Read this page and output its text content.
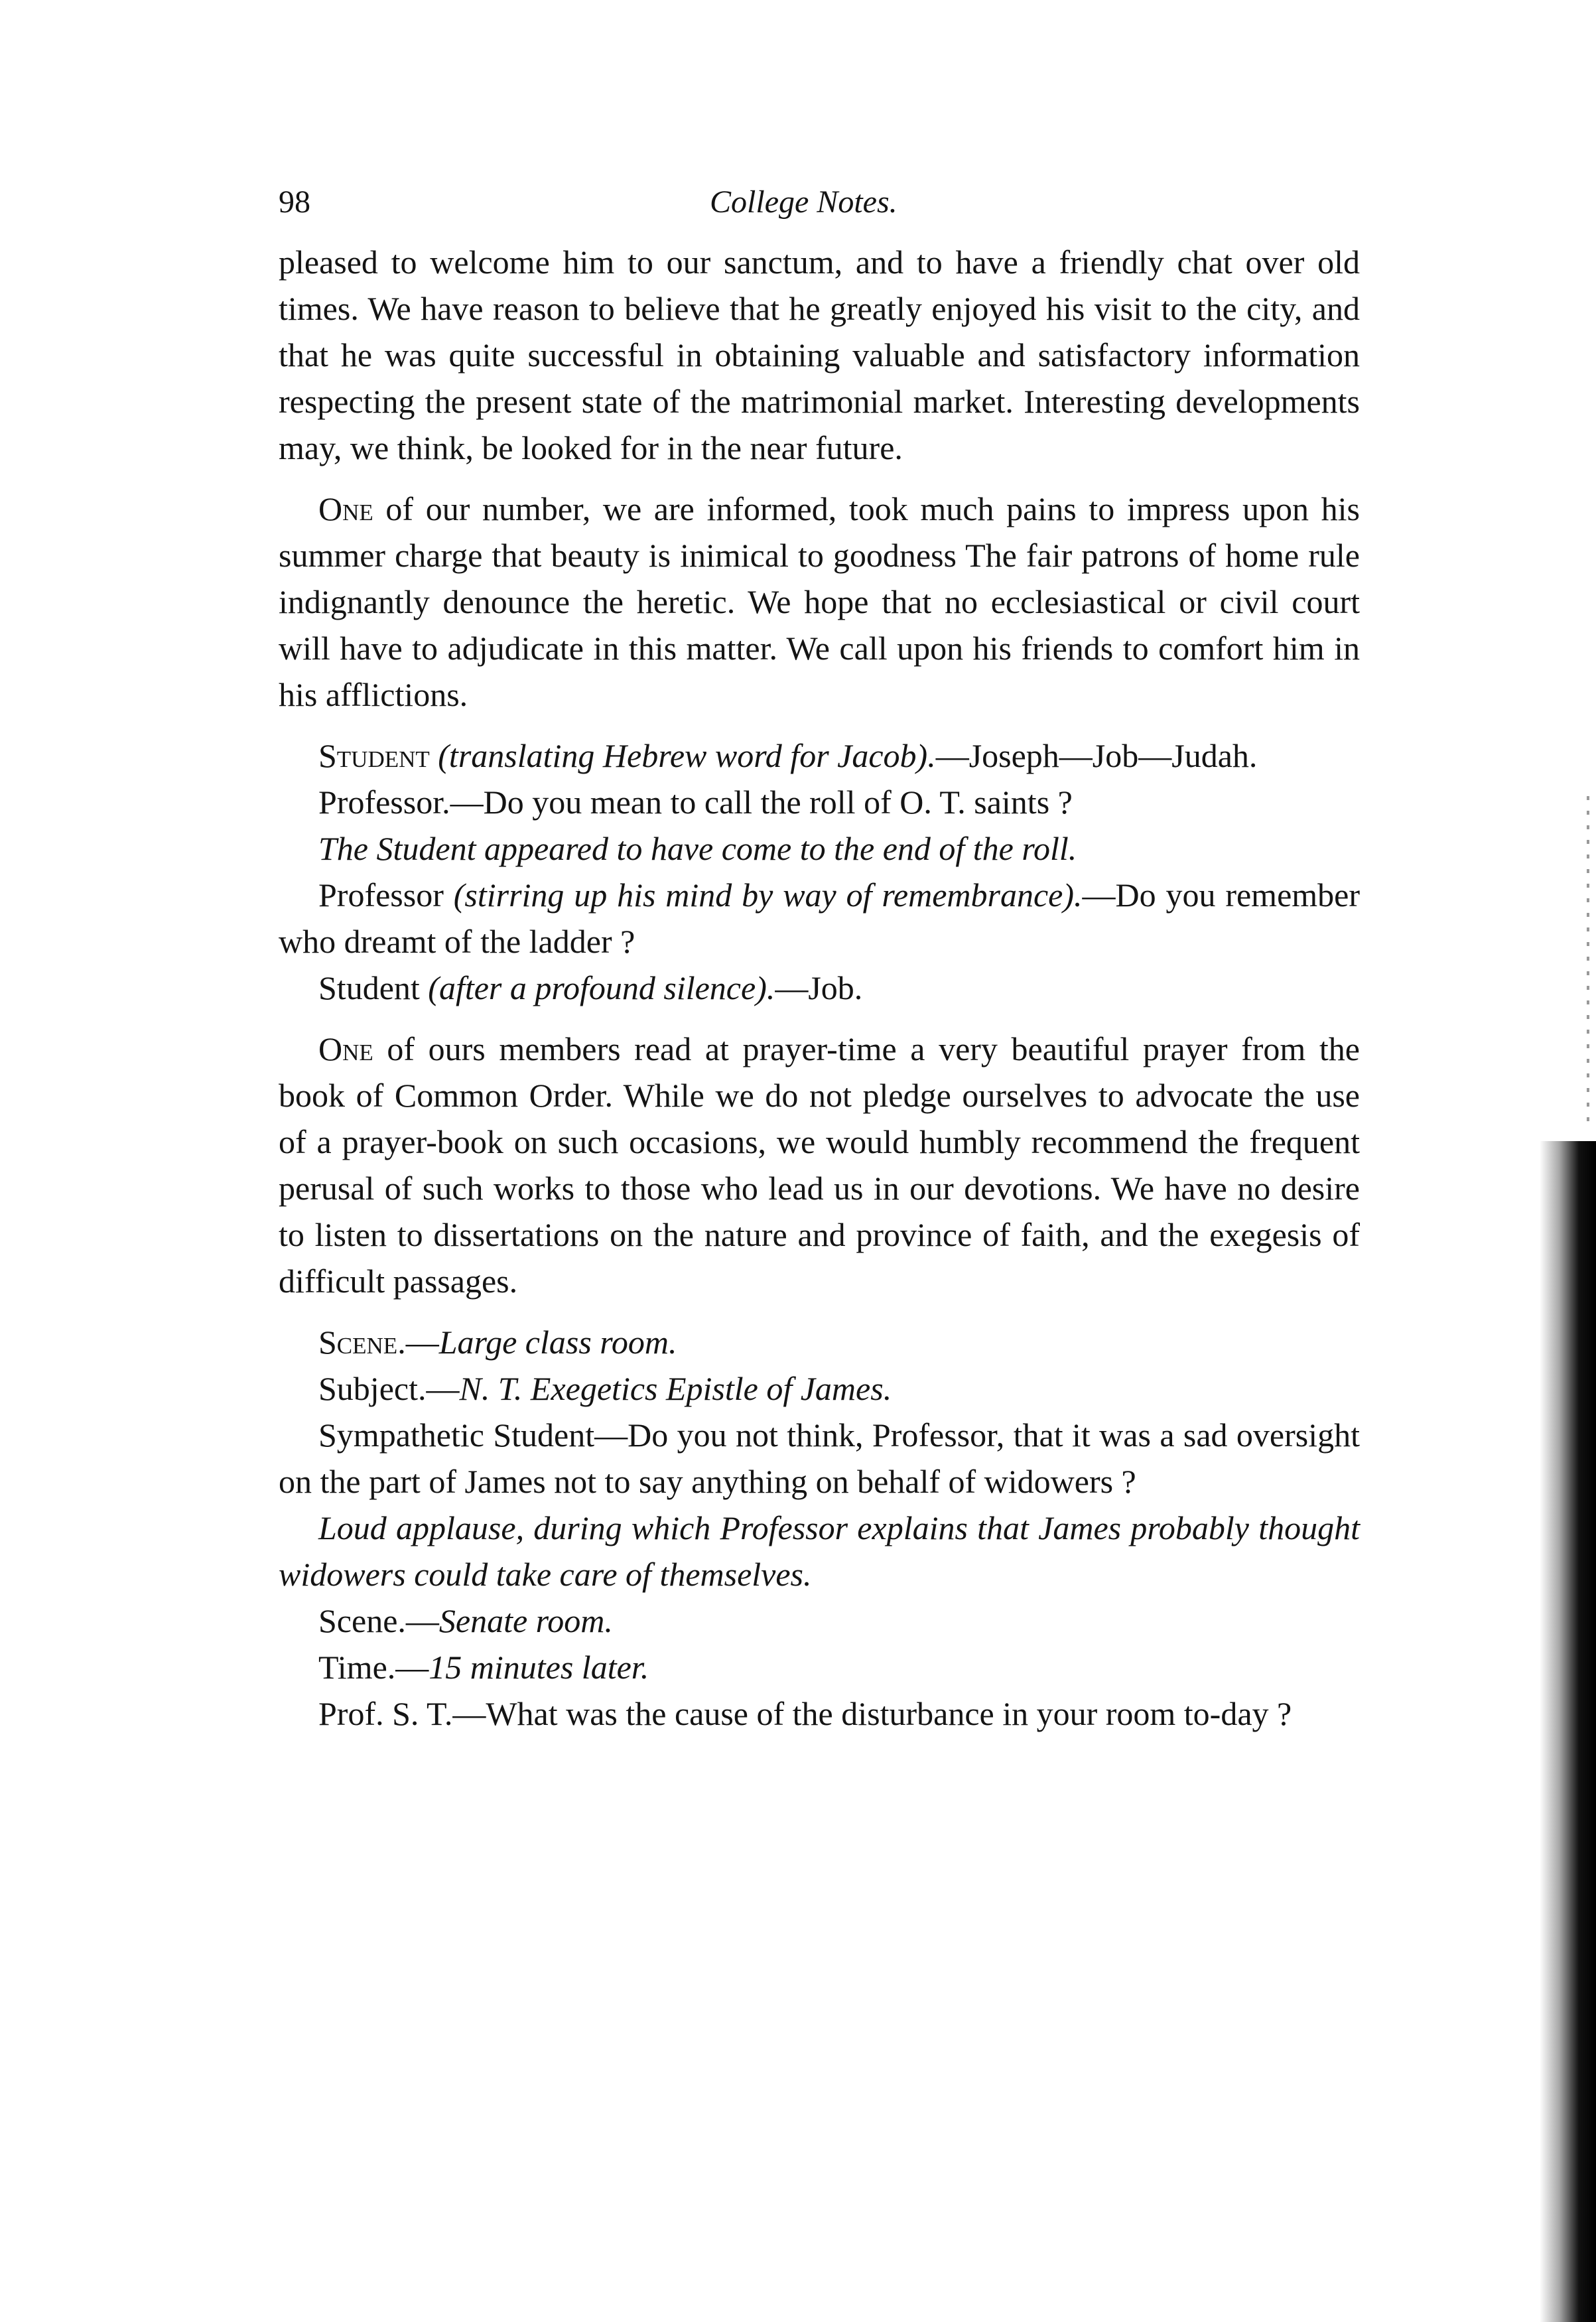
98	College Notes.

pleased to welcome him to our sanctum, and to have a friendly chat over old times. We have reason to believe that he greatly enjoyed his visit to the city, and that he was quite successful in obtaining valuable and satisfactory information respecting the present state of the matrimonial market. Interesting developments may, we think, be looked for in the near future.

One of our number, we are informed, took much pains to impress upon his summer charge that beauty is inimical to goodness The fair patrons of home rule indignantly denounce the heretic. We hope that no ecclesiastical or civil court will have to adjudicate in this matter. We call upon his friends to comfort him in his afflictions.

Student (translating Hebrew word for Jacob).—Joseph—Job—Judah.

Professor.—Do you mean to call the roll of O. T. saints ?

The Student appeared to have come to the end of the roll.

Professor (stirring up his mind by way of remembrance).—Do you remember who dreamt of the ladder ?

Student (after a profound silence).—Job.

One of ours members read at prayer-time a very beautiful prayer from the book of Common Order. While we do not pledge ourselves to advocate the use of a prayer-book on such occasions, we would humbly recommend the frequent perusal of such works to those who lead us in our devotions. We have no desire to listen to dissertations on the nature and province of faith, and the exegesis of difficult passages.

Scene.—Large class room.

Subject.—N. T. Exegetics Epistle of James.

Sympathetic Student—Do you not think, Professor, that it was a sad oversight on the part of James not to say anything on behalf of widowers ?

Loud applause, during which Professor explains that James probably thought widowers could take care of themselves.

Scene.—Senate room.

Time.—15 minutes later.

Prof. S. T.—What was the cause of the disturbance in your room to-day ?
